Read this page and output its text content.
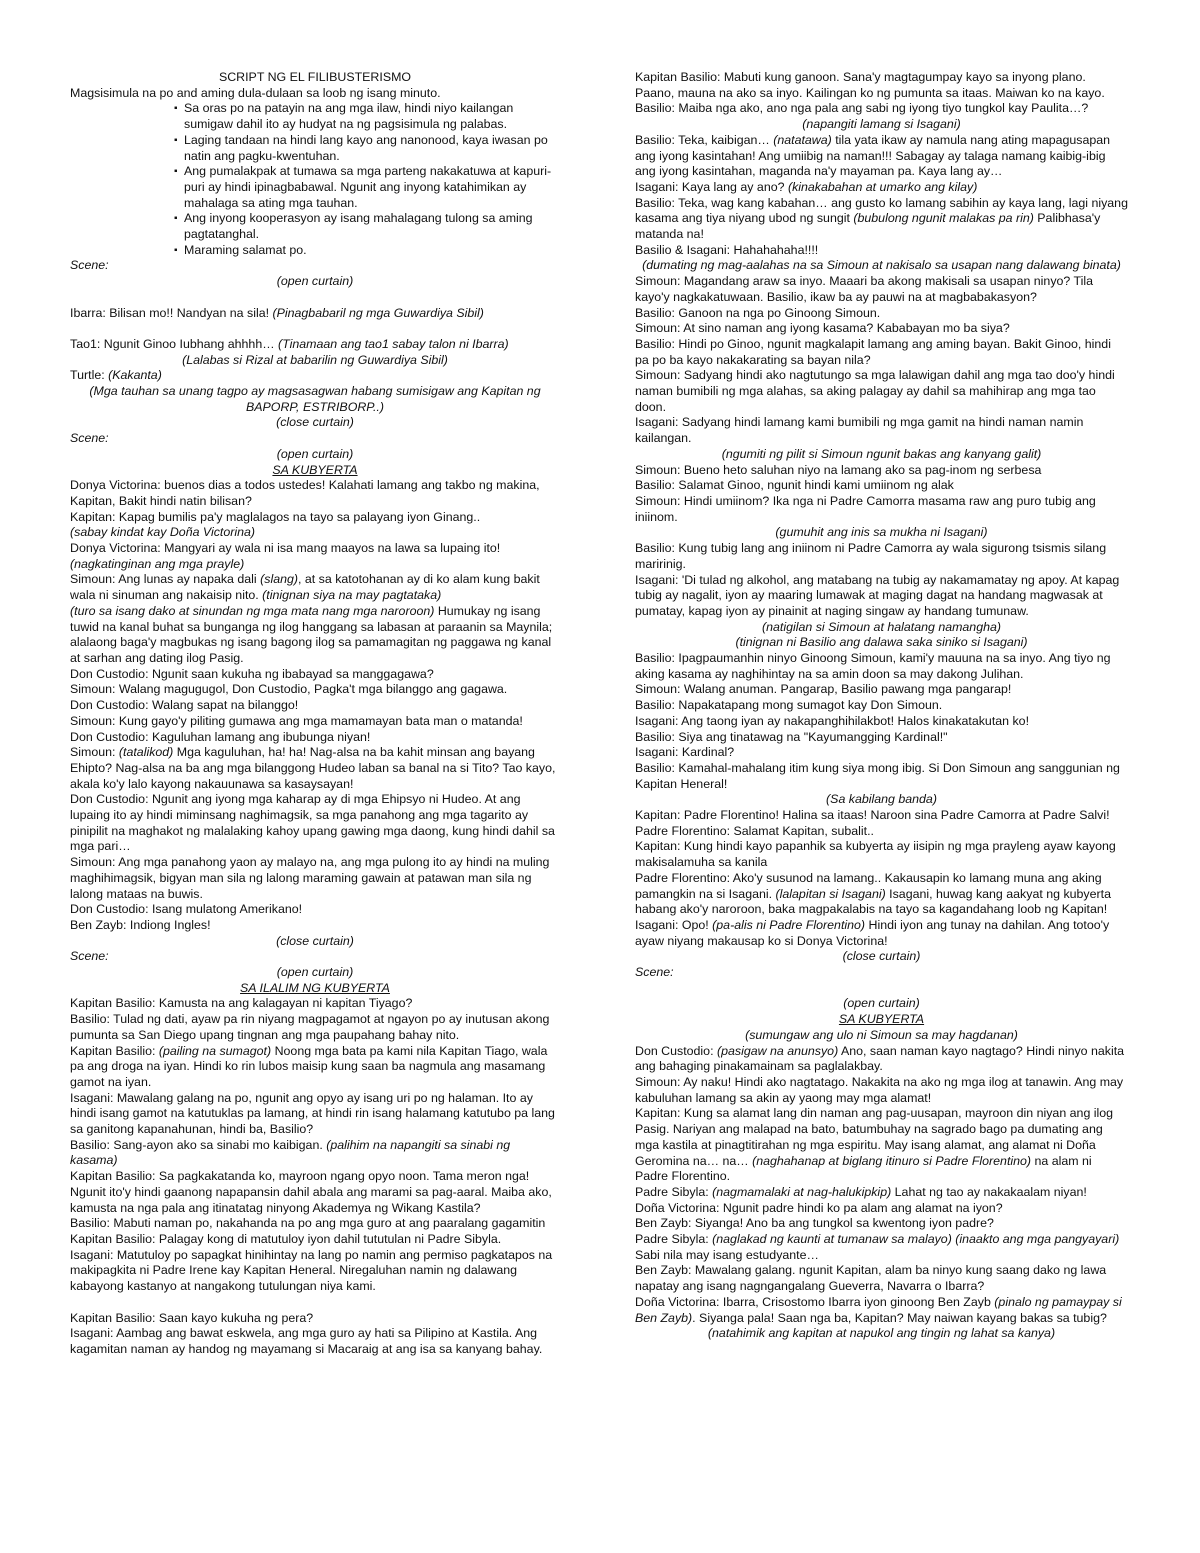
SCRIPT NG EL FILIBUSTERISMO

Magsisimula na po and aming dula-dulaan sa loob ng isang minuto.

▪ Sa oras po na patayin na ang mga ilaw, hindi niyo kailangan sumigaw dahil ito ay hudyat na ng pagsisimula ng palabas.
▪ Laging tandaan na hindi lang kayo ang nanonood, kaya iwasan po natin ang pagku-kwentuhan.
▪ Ang pumalakpak at tumawa sa mga parteng nakakatuwa at kapuri-puri ay hindi ipinagbabawal. Ngunit ang inyong katahimikan ay mahalaga sa ating mga tauhan.
▪ Ang inyong kooperasyon ay isang mahalagang tulong sa aming pagtatanghal.
▪ Maraming salamat po.

Scene:

(open curtain)

Ibarra: Bilisan mo!! Nandyan na sila! (Pinagbabaril ng mga Guwardiya Sibil)

Tao1: Ngunit Ginoo Iubhang ahhhh… (Tinamaan ang tao1 sabay talon ni Ibarra)

(Lalabas si Rizal at babarilin ng Guwardiya Sibil)

Turtle: (Kakanta)

(Mga tauhan sa unang tagpo ay magsasagwan habang sumisigaw ang Kapitan ng BAPORP, ESTRIBORP..)

(close curtain)

Scene:

(open curtain)

SA KUBYERTA

Donya Victorina: buenos dias a todos ustedes! Kalahati lamang ang takbo ng makina, Kapitan, Bakit hindi natin bilisan?

Kapitan: Kapag bumilis pa'y maglalagos na tayo sa palayang iyon Ginang..

(sabay kindat kay Doña Victorina)

Donya Victorina: Mangyari ay wala ni isa mang maayos na lawa sa lupaing ito!

(nagkatinginan ang mga prayle)

Simoun: Ang lunas ay napaka dali (slang), at sa katotohanan ay di ko alam kung bakit wala ni sinuman ang nakaisip nito. (tinignan siya na may pagtataka)

(turo sa isang dako at sinundan ng mga mata nang mga naroroon) Humukay ng isang tuwid na kanal buhat sa bunganga ng ilog hanggang sa labasan at paraanin sa Maynila; alalaong baga'y magbukas ng isang bagong ilog sa pamamagitan ng paggawa ng kanal at sarhan ang dating ilog Pasig.

Don Custodio: Ngunit saan kukuha ng ibabayad sa manggagawa?

Simoun: Walang magugugol, Don Custodio, Pagka't mga bilanggo ang gagawa.

Don Custodio: Walang sapat na bilanggo!

Simoun: Kung gayo'y piliting gumawa ang mga mamamayan bata man o matanda!

Don Custodio: Kaguluhan lamang ang ibubunga niyan!

Simoun: (tatalikod) Mga kaguluhan, ha! ha! Nag-alsa na ba kahit minsan ang bayang Ehipto? Nag-alsa na ba ang mga bilanggong Hudeo laban sa banal na si Tito? Tao kayo, akala ko'y lalo kayong nakauunawa sa kasaysayan!

Don Custodio: Ngunit ang iyong mga kaharap ay di mga Ehipsyo ni Hudeo. At ang lupaing ito ay hindi miminsang naghimagsik, sa mga panahong ang mga tagarito ay pinipilit na maghakot ng malalaking kahoy upang gawing mga daong, kung hindi dahil sa mga pari…

Simoun: Ang mga panahong yaon ay malayo na, ang mga pulong ito ay hindi na muling maghihimagsik, bigyan man sila ng lalong maraming gawain at patawan man sila ng lalong mataas na buwis.

Don Custodio: Isang mulatong Amerikano!

Ben Zayb: Indiong Ingles!

(close curtain)

Scene:

(open curtain)

SA ILALIM NG KUBYERTA

Kapitan Basilio: Kamusta na ang kalagayan ni kapitan Tiyago?

Basilio: Tulad ng dati, ayaw pa rin niyang magpagamot at ngayon po ay inutusan akong pumunta sa San Diego upang tingnan ang mga paupahang bahay nito.

Kapitan Basilio: (pailing na sumagot) Noong mga bata pa kami nila Kapitan Tiago, wala pa ang droga na iyan. Hindi ko rin lubos maisip kung saan ba nagmula ang masamang gamot na iyan.

Isagani: Mawalang galang na po, ngunit ang opyo ay isang uri po ng halaman. Ito ay hindi isang gamot na katutuklas pa lamang, at hindi rin isang halamang katutubo pa lang sa ganitong kapanahunan, hindi ba, Basilio?

Basilio: Sang-ayon ako sa sinabi mo kaibigan. (palihim na napangiti sa sinabi ng kasama)

Kapitan Basilio: Sa pagkakatanda ko, mayroon ngang opyo noon. Tama meron nga! Ngunit ito'y hindi gaanong napapansin dahil abala ang marami sa pag-aaral. Maiba ako, kamusta na nga pala ang itinatatag ninyong Akademya ng Wikang Kastila?

Basilio: Mabuti naman po, nakahanda na po ang mga guro at ang paaralang gagamitin

Kapitan Basilio: Palagay kong di matutuloy iyon dahil tututulan ni Padre Sibyla.

Isagani: Matutuloy po sapagkat hinihintay na lang po namin ang permiso pagkatapos na makipagkita ni Padre Irene kay Kapitan Heneral. Niregaluhan namin ng dalawang kabayong kastanyo at nangakong tutulungan niya kami.

Kapitan Basilio: Saan kayo kukuha ng pera?

Isagani: Aambag ang bawat eskwela, ang mga guro ay hati sa Pilipino at Kastila. Ang kagamitan naman ay handog ng mayamang si Macaraig at ang isa sa kanyang bahay.

Kapitan Basilio: Mabuti kung ganoon. Sana'y magtagumpay kayo sa inyong plano. Paano, mauna na ako sa inyo. Kailingan ko ng pumunta sa itaas. Maiwan ko na kayo.

Basilio: Maiba nga ako, ano nga pala ang sabi ng iyong tiyo tungkol kay Paulita…?

(napangiti lamang si Isagani)

Basilio: Teka, kaibigan… (natatawa) tila yata ikaw ay namula nang ating mapagusapan ang iyong kasintahan! Ang umiibig na naman!!! Sabagay ay talaga namang kaibig-ibig ang iyong kasintahan, maganda na'y mayaman pa. Kaya lang ay…

Isagani: Kaya lang ay ano? (kinakabahan at umarko ang kilay)

Basilio: Teka, wag kang kabahan… ang gusto ko lamang sabihin ay kaya lang, lagi niyang kasama ang tiya niyang ubod ng sungit (bubulong ngunit malakas pa rin) Palibhasa'y matanda na!

Basilio & Isagani: Hahahahaha!!!!

(dumating ng mag-aalahas na sa Simoun at nakisalo sa usapan nang dalawang binata)

Simoun: Magandang araw sa inyo. Maaari ba akong makisali sa usapan ninyo? Tila kayo'y nagkakatuwaan. Basilio, ikaw ba ay pauwi na at magbabakasyon?

Basilio: Ganoon na nga po Ginoong Simoun.

Simoun: At sino naman ang iyong kasama? Kababayan mo ba siya?

Basilio: Hindi po Ginoo, ngunit magkalapit lamang ang aming bayan. Bakit Ginoo, hindi pa po ba kayo nakakarating sa bayan nila?

Simoun: Sadyang hindi ako nagtutungo sa mga lalawigan dahil ang mga tao doo'y hindi naman bumibili ng mga alahas, sa aking palagay ay dahil sa mahihirap ang mga tao doon.

Isagani: Sadyang hindi lamang kami bumibili ng mga gamit na hindi naman namin kailangan.

(ngumiti ng pilit si Simoun ngunit bakas ang kanyang galit)

Simoun: Bueno heto saluhan niyo na lamang ako sa pag-inom ng serbesa

Basilio: Salamat Ginoo, ngunit hindi kami umiinom ng alak

Simoun: Hindi umiinom? Ika nga ni Padre Camorra masama raw ang puro tubig ang iniinom.

(gumuhit ang inis sa mukha ni Isagani)

Basilio: Kung tubig lang ang iniinom ni Padre Camorra ay wala sigurong tsismis silang maririnig.

Isagani: 'Di tulad ng alkohol, ang matabang na tubig ay nakamamatay ng apoy. At kapag tubig ay nagalit, iyon ay maaring lumawak at maging dagat na handang magwasak at pumatay, kapag iyon ay pinainit at naging singaw ay handang tumunaw.

(natigilan si Simoun at halatang namangha)

(tinignan ni Basilio ang dalawa saka siniko si Isagani)

Basilio: Ipagpaumanhin ninyo Ginoong Simoun, kami'y mauuna na sa inyo. Ang tiyo ng aking kasama ay naghihintay na sa amin doon sa may dakong Julihan.

Simoun: Walang anuman. Pangarap, Basilio pawang mga pangarap!

Basilio: Napakatapang mong sumagot kay Don Simoun.

Isagani: Ang taong iyan ay nakapanghihilakbot! Halos kinakatakutan ko!

Basilio: Siya ang tinatawag na "Kayumangging Kardinal!"

Isagani: Kardinal?

Basilio: Kamahal-mahalang itim kung siya mong ibig. Si Don Simoun ang sanggunian ng Kapitan Heneral!

(Sa kabilang banda)

Kapitan: Padre Florentino! Halina sa itaas! Naroon sina Padre Camorra at Padre Salvi!

Padre Florentino: Salamat Kapitan, subalit..

Kapitan: Kung hindi kayo papanhik sa kubyerta ay iisipin ng mga prayleng ayaw kayong makisalamuha sa kanila

Padre Florentino: Ako'y susunod na lamang.. Kakausapin ko lamang muna ang aking pamangkin na si Isagani. (lalapitan si Isagani) Isagani, huwag kang aakyat ng kubyerta habang ako'y naroroon, baka magpakalabis na tayo sa kagandahang loob ng Kapitan!

Isagani: Opo! (pa-alis ni Padre Florentino) Hindi iyon ang tunay na dahilan. Ang totoo'y ayaw niyang makausap ko si Donya Victorina!

(close curtain)

Scene:

(open curtain)

SA KUBYERTA

(sumungaw ang ulo ni Simoun sa may hagdanan)

Don Custodio: (pasigaw na anunsyo) Ano, saan naman kayo nagtago? Hindi ninyo nakita ang bahaging pinakamainam sa paglalakbay.

Simoun: Ay naku! Hindi ako nagtatago. Nakakita na ako ng mga ilog at tanawin. Ang may kabuluhan lamang sa akin ay yaong may mga alamat!

Kapitan: Kung sa alamat lang din naman ang pag-uusapan, mayroon din niyan ang ilog Pasig. Nariyan ang malapad na bato, batumbuhay na sagrado bago pa dumating ang mga kastila at pinagtitirahan ng mga espiritu. May isang alamat, ang alamat ni Doña Geromina na… na… (naghahanap at biglang itinuro si Padre Florentino) na alam ni Padre Florentino.

Padre Sibyla: (nagmamalaki at nag-halukipkip) Lahat ng tao ay nakakaalam niyan!

Doña Victorina: Ngunit padre hindi ko pa alam ang alamat na iyon?

Ben Zayb: Siyanga! Ano ba ang tungkol sa kwentong iyon padre?

Padre Sibyla: (naglakad ng kaunti at tumanaw sa malayo) (inaakto ang mga pangyayari) Sabi nila may isang estudyante…

Ben Zayb: Mawalang galang. ngunit Kapitan, alam ba ninyo kung saang dako ng lawa napatay ang isang nagngangalang Gueverra, Navarra o Ibarra?

Doña Victorina: Ibarra, Crisostomo Ibarra iyon ginoong Ben Zayb (pinalo ng pamaypay si Ben Zayb). Siyanga pala! Saan nga ba, Kapitan? May naiwan kayang bakas sa tubig?

(natahimik ang kapitan at napukol ang tingin ng lahat sa kanya)
